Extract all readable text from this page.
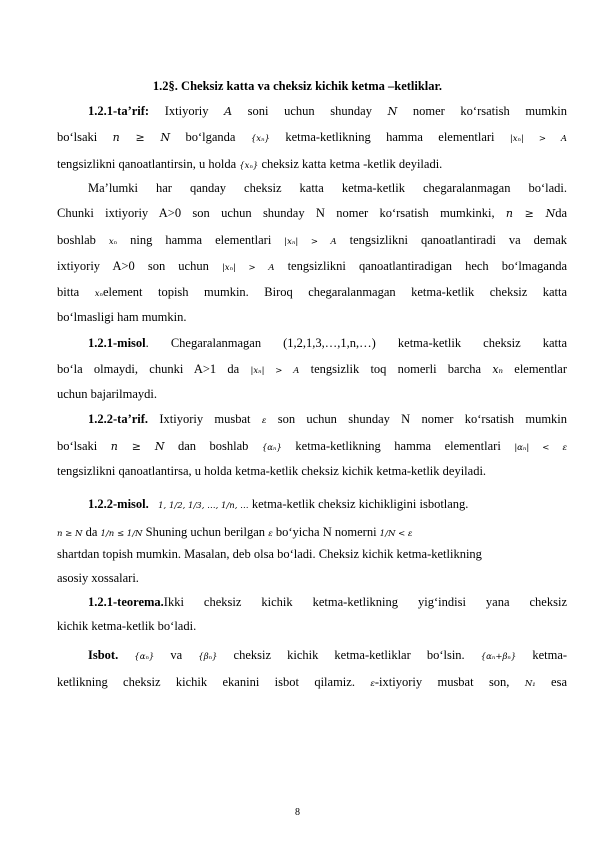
1.2§. Cheksiz katta va cheksiz kichik ketma –ketliklar.
1.2.1-ta’rif: Ixtiyoriy A soni uchun shunday N nomer ko‘rsatish mumkin
bo‘lsaki n ≥ N bo‘lganda {xₙ} ketma-ketlikning hamma elementlari |xₙ| > A
tengsizlikni qanoatlantirsin, u holda {xₙ} cheksiz katta ketma -ketlik deyiladi.
Ma’lumki har qanday cheksiz katta ketma-ketlik chegaralanmagan bo‘ladi.
Chunki ixtiyoriy A>0 son uchun shunday N nomer ko‘rsatish mumkinki, n ≥ Nda
boshlab xₙ ning hamma elementlari |xₙ| > A tengsizlikni qanoatlantiradi va demak
ixtiyoriy A>0 son uchun |xₙ| > A tengsizlikni qanoatlantiradigan hech bo‘lmaganda
bitta xₙelement topish mumkin. Biroq chegaralanmagan ketma-ketlik cheksiz katta
bo‘lmasligi ham mumkin.
1.2.1-misol. Chegaralanmagan (1,2,1,3,…,1,n,…) ketma-ketlik cheksiz katta
bo‘la olmaydi, chunki A>1 da |xₙ| > A tengsizlik toq nomerli barcha xₙ elementlar
uchun bajarilmaydi.
1.2.2-ta’rif. Ixtiyoriy musbat ε son uchun shunday N nomer ko‘rsatish mumkin
bo‘lsaki n ≥ N dan boshlab {αₙ} ketma-ketlikning hamma elementlari |αₙ| < ε
tengsizlikni qanoatlantirsa, u holda ketma-ketlik cheksiz kichik ketma-ketlik deyiladi.
1.2.2-misol. 1, 1/2, 1/3, …, 1/n, … ketma-ketlik cheksiz kichikligini isbotlang.
n ≥ N da 1/n ≤ 1/N Shuning uchun berilgan ε bo‘yicha N nomerni 1/N < ε
shartdan topish mumkin. Masalan, deb olsa bo‘ladi. Cheksiz kichik ketma-ketlikning
asosiy xossalari.
1.2.1-teorema.Ikki cheksiz kichik ketma-ketlikning yig‘indisi yana cheksiz
kichik ketma-ketlik bo‘ladi.
Isbot. {αₙ} va {βₙ} cheksiz kichik ketma-ketliklar bo‘lsin. {αₙ+βₙ} ketma-
ketlikning cheksiz kichik ekanini isbot qilamiz. ε-ixtiyoriy musbat son, N₁ esa
8
